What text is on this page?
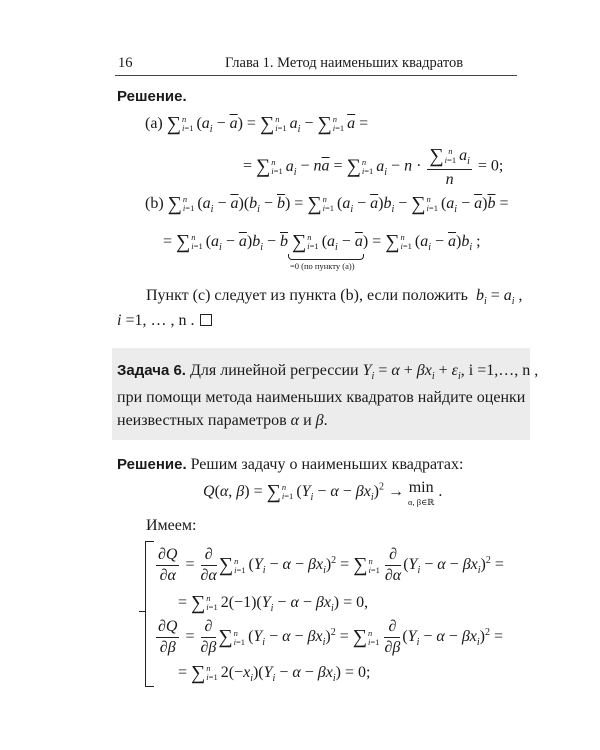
16	Глава 1. Метод наименьших квадратов
Решение.
(a) ∑ n
i=1 $(a_i - \overline{a})$ = ∑ n
i=1 $a_i$ − ∑ n
i=1 $\overline{a}$ =
= ∑ n
i=1 $a_i - n\overline{a}$ = ∑ n
i=1 $a_i - n$ · ∑ n
i=1 $a_i$
n = 0;
(b) ∑ n
i=1 $(a_i - \overline{a})(b_i - \overline{b})$ = ∑ n
i=1 $(a_i - \overline{a})b_i$ − ∑ n
i=1 $(a_i - \overline{a})\overline{b}$ =
= ∑ n
i=1 $(a_i - \overline{a})b_i - \overline{b}$ ∑ n
i=1 $(a_i - \overline{a})$ = ∑ n
i=1 $(a_i - \overline{a})b_i$ ;
=0 (по пункту (a))
Пункт (c) следует из пункта (b), если положить $b_i = a_i$ ,
i =1, … , n .
Задача 6. Для линейной регрессии $Y_i = \alpha + \beta x_i + \varepsilon_i$, i =1,…, n ,
при помощи метода наименьших квадратов найдите оценки
неизвестных параметров α и β.
Решение. Решим задачу о наименьших квадратах:
Q(α, β) = ∑ n
i=1 $(Y_i - \alpha - \beta x_i)^2 \to \min$
α, β∈ℝ .
Имеем:
$\frac{\partial Q}{\partial\alpha} = \frac{\partial}{\partial\alpha}$ ∑ n
i=1 $(Y_i - \alpha - \beta x_i)^2$ = ∑ n
$i=1 \frac{\partial}{\partial\alpha} (Y_i - \alpha - \beta x_i)^2$ =
= ∑ n
i=1 $2(-1)(Y_i - \alpha - \beta x_i) = 0$,
$\frac{\partial Q}{\partial\beta} = \frac{\partial}{\partial\beta}$ ∑ n
i=1 $(Y_i - \alpha - \beta x_i)^2$ = ∑ n
$i=1 \frac{\partial}{\partial\beta} (Y_i - \alpha - \beta x_i)^2$ =
= ∑ n
i=1 $2(-x_i)(Y_i - \alpha - \beta x_i) = 0$;
